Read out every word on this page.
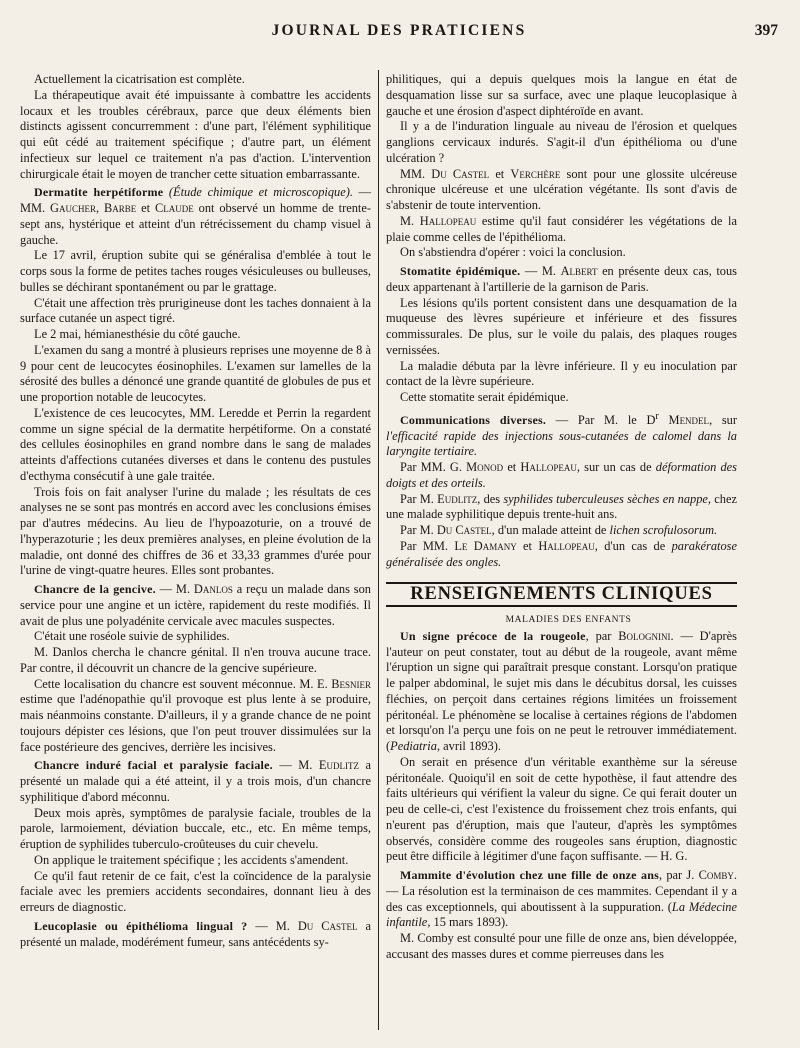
JOURNAL DES PRATICIENS	397

Actuellement la cicatrisation est complète.

La thérapeutique avait été impuissante à combattre les accidents locaux et les troubles cérébraux, parce que deux éléments bien distincts agissent concurremment : d'une part, l'élément syphilitique qui eût cédé au traitement spécifique ; d'autre part, un élément infectieux sur lequel ce traitement n'a pas d'action. L'intervention chirurgicale était le moyen de trancher cette situation embarrassante.

Dermatite herpétiforme (Étude chimique et microscopique). — MM. Gaucher, Barbe et Claude ont observé un homme de trente-sept ans, hystérique et atteint d'un rétrécissement du champ visuel à gauche.

Le 17 avril, éruption subite qui se généralisa d'emblée à tout le corps sous la forme de petites taches rouges vésiculeuses ou bulleuses, bulles se déchirant spontanément ou par le grattage.

C'était une affection très prurigineuse dont les taches donnaient à la surface cutanée un aspect tigré.

Le 2 mai, hémianesthésie du côté gauche.

L'examen du sang a montré à plusieurs reprises une moyenne de 8 à 9 pour cent de leucocytes éosinophiles. L'examen sur lamelles de la sérosité des bulles a dénoncé une grande quantité de globules de pus et une proportion notable de leucocytes.

L'existence de ces leucocytes, MM. Leredde et Perrin la regardent comme un signe spécial de la dermatite herpétiforme. On a constaté des cellules éosinophiles en grand nombre dans le sang de malades atteints d'affections cutanées diverses et dans le contenu des pustules d'ecthyma consécutif à une gale traitée.

Trois fois on fait analyser l'urine du malade ; les résultats de ces analyses ne se sont pas montrés en accord avec les conclusions émises par d'autres médecins. Au lieu de l'hypoazoturie, on a trouvé de l'hyperazoturie ; les deux premières analyses, en pleine évolution de la maladie, ont donné des chiffres de 36 et 33,33 grammes d'urée pour l'urine de vingt-quatre heures. Elles sont probantes.

Chancre de la gencive. — M. Danlos a reçu un malade dans son service pour une angine et un ictère, rapidement du reste modifiés. Il avait de plus une polyadénite cervicale avec macules suspectes.

C'était une roséole suivie de syphilides.

M. Danlos chercha le chancre génital. Il n'en trouva aucune trace. Par contre, il découvrit un chancre de la gencive supérieure.

Cette localisation du chancre est souvent méconnue. M. E. Besnier estime que l'adénopathie qu'il provoque est plus lente à se produire, mais néanmoins constante. D'ailleurs, il y a grande chance de ne point toujours dépister ces lésions, que l'on peut trouver dissimulées sur la face postérieure des gencives, derrière les incisives.

Chancre induré facial et paralysie faciale. — M. Eudlitz a présenté un malade qui a été atteint, il y a trois mois, d'un chancre syphilitique d'abord méconnu.

Deux mois après, symptômes de paralysie faciale, troubles de la parole, larmoiement, déviation buccale, etc., etc. En même temps, éruption de syphilides tuberculo-croûteuses du cuir chevelu.

On applique le traitement spécifique ; les accidents s'amendent.

Ce qu'il faut retenir de ce fait, c'est la coïncidence de la paralysie faciale avec les premiers accidents secondaires, donnant lieu à des erreurs de diagnostic.

Leucoplasie ou épithélioma lingual ? — M. Du Castel a présenté un malade, modérément fumeur, sans antécédents sy-

philitiques, qui a depuis quelques mois la langue en état de desquamation lisse sur sa surface, avec une plaque leucoplasique à gauche et une érosion d'aspect diphtéroïde en avant.

Il y a de l'induration linguale au niveau de l'érosion et quelques ganglions cervicaux indurés. S'agit-il d'un épithélioma ou d'une ulcération ?

MM. Du Castel et Verchère sont pour une glossite ulcéreuse chronique ulcéreuse et une ulcération végétante. Ils sont d'avis de s'abstenir de toute intervention.

M. Hallopeau estime qu'il faut considérer les végétations de la plaie comme celles de l'épithélioma.

On s'abstiendra d'opérer : voici la conclusion.

Stomatite épidémique. — M. Albert en présente deux cas, tous deux appartenant à l'artillerie de la garnison de Paris.

Les lésions qu'ils portent consistent dans une desquamation de la muqueuse des lèvres supérieure et inférieure et des fissures commissurales. De plus, sur le voile du palais, des plaques rouges vernissées.

La maladie débuta par la lèvre inférieure. Il y eu inoculation par contact de la lèvre supérieure.

Cette stomatite serait épidémique.

Communications diverses. — Par M. le $D^r$ Mendel, sur l'efficacité rapide des injections sous-cutanées de calomel dans la laryngite tertiaire.

Par MM. G. Monod et Hallopeau, sur un cas de déformation des doigts et des orteils.

Par M. Eudlitz, des syphilides tuberculeuses sèches en nappe, chez une malade syphilitique depuis trente-huit ans.

Par M. Du Castel, d'un malade atteint de lichen scrofulosorum.

Par MM. Le Damany et Hallopeau, d'un cas de parakératose généralisée des ongles.

RENSEIGNEMENTS CLINIQUES

MALADIES DES ENFANTS

Un signe précoce de la rougeole, par Bolognini. — D'après l'auteur on peut constater, tout au début de la rougeole, avant même l'éruption un signe qui paraîtrait presque constant. Lorsqu'on pratique le palper abdominal, le sujet mis dans le décubitus dorsal, les cuisses fléchies, on perçoit dans certaines régions limitées un froissement péritonéal. Le phénomène se localise à certaines régions de l'abdomen et lorsqu'on l'a perçu une fois on ne peut le retrouver immédiatement. (Pediatria, avril 1893).

On serait en présence d'un véritable exanthème sur la séreuse péritonéale. Quoiqu'il en soit de cette hypothèse, il faut attendre des faits ultérieurs qui vérifient la valeur du signe. Ce qui ferait douter un peu de celle-ci, c'est l'existence du froissement chez trois enfants, qui n'eurent pas d'éruption, mais que l'auteur, d'après les symptômes observés, considère comme des rougeoles sans éruption, diagnostic peut être difficile à légitimer d'une façon suffisante. — H. G.

Mammite d'évolution chez une fille de onze ans, par J. Comby. — La résolution est la terminaison de ces mammites. Cependant il y a des cas exceptionnels, qui aboutissent à la suppuration. (La Médecine infantile, 15 mars 1893).

M. Comby est consulté pour une fille de onze ans, bien développée, accusant des masses dures et comme pierreuses dans les
